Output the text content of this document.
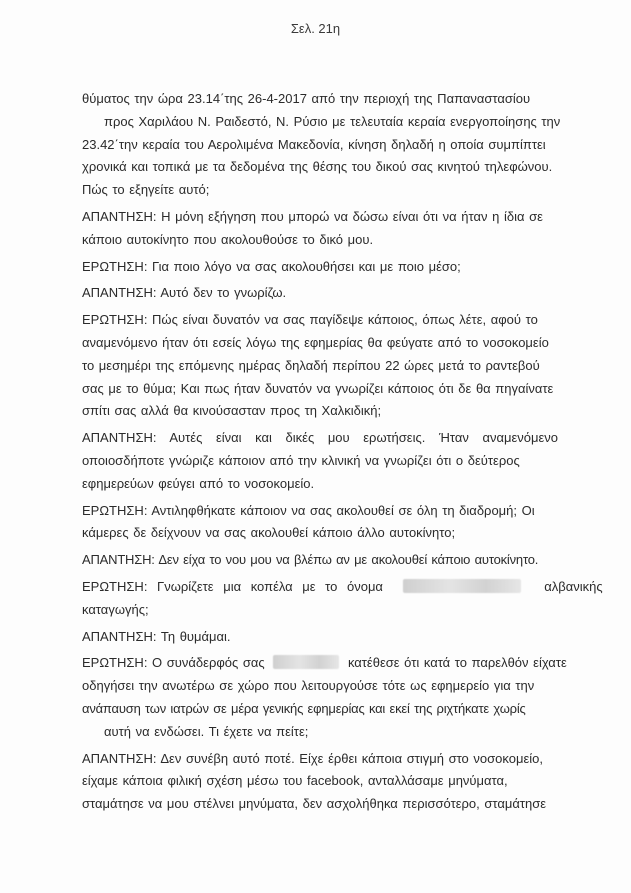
Σελ. 21η
θύματος την ώρα 23.14΄της 26-4-2017 από την περιοχή της Παπαναστασίου
προς Χαριλάου Ν. Ραιδεστό, Ν. Ρύσιο με τελευταία κεραία ενεργοποίησης την
23.42΄την κεραία του Αερολιμένα Μακεδονία, κίνηση δηλαδή η οποία συμπίπτει
χρονικά και τοπικά με τα δεδομένα της θέσης του δικού σας κινητού τηλεφώνου.
Πώς το εξηγείτε αυτό;
ΑΠΑΝΤΗΣΗ: Η μόνη εξήγηση που μπορώ να δώσω είναι ότι να ήταν η ίδια σε
κάποιο αυτοκίνητο που ακολουθούσε το δικό μου.
ΕΡΩΤΗΣΗ: Για ποιο λόγο να σας ακολουθήσει και με ποιο μέσο;
ΑΠΑΝΤΗΣΗ: Αυτό δεν το γνωρίζω.
ΕΡΩΤΗΣΗ: Πώς είναι δυνατόν να σας παγίδεψε κάποιος, όπως λέτε, αφού το
αναμενόμενο ήταν ότι εσείς λόγω της εφημερίας θα φεύγατε από το νοσοκομείο
το μεσημέρι της επόμενης ημέρας δηλαδή περίπου 22 ώρες μετά το ραντεβού
σας με το θύμα; Και πως ήταν δυνατόν να γνωρίζει κάποιος ότι δε θα πηγαίνατε
σπίτι σας αλλά θα κινούσασταν προς τη Χαλκιδική;
ΑΠΑΝΤΗΣΗ: Αυτές είναι και δικές μου ερωτήσεις. Ήταν αναμενόμενο
οποιοσδήποτε γνώριζε κάποιον από την κλινική να γνωρίζει ότι ο δεύτερος
εφημερεύων φεύγει από το νοσοκομείο.
ΕΡΩΤΗΣΗ: Αντιληφθήκατε κάποιον να σας ακολουθεί σε όλη τη διαδρομή; Οι
κάμερες δε δείχνουν να σας ακολουθεί κάποιο άλλο αυτοκίνητο;
ΑΠΑΝΤΗΣΗ: Δεν είχα το νου μου να βλέπω αν με ακολουθεί κάποιο αυτοκίνητο.
ΕΡΩΤΗΣΗ: Γνωρίζετε μια κοπέλα με το όνομα	αλβανικής
καταγωγής;
ΑΠΑΝΤΗΣΗ: Τη θυμάμαι.
ΕΡΩΤΗΣΗ: Ο συνάδερφός σας	κατέθεσε ότι κατά το παρελθόν είχατε
οδηγήσει την ανωτέρω σε χώρο που λειτουργούσε τότε ως εφημερείο για την
ανάπαυση των ιατρών σε μέρα γενικής εφημερίας και εκεί της ριχτήκατε χωρίς
αυτή να ενδώσει. Τι έχετε να πείτε;
ΑΠΑΝΤΗΣΗ: Δεν συνέβη αυτό ποτέ. Είχε έρθει κάποια στιγμή στο νοσοκομείο,
είχαμε κάποια φιλική σχέση μέσω του facebook, ανταλλάσαμε μηνύματα,
σταμάτησε να μου στέλνει μηνύματα, δεν ασχολήθηκα περισσότερο, σταμάτησε
